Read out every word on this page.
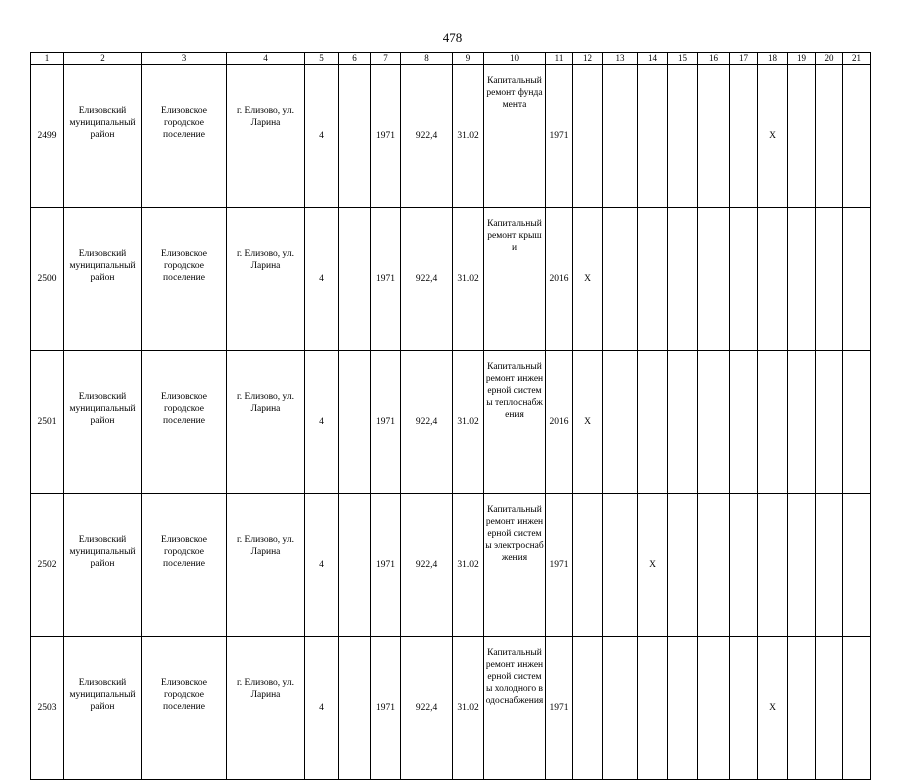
478
1	2	3	4	5	6	7	8	9	10	11	12	13	14	15	16	17	18	19	20	21
2499	Елизовский муниципальный район	Елизовское городское поселение	г. Елизово, ул. Ларина	4		1971	922,4	31.02	Капитальный ремонт фундамента	1971							X			
2500	Елизовский муниципальный район	Елизовское городское поселение	г. Елизово, ул. Ларина	4		1971	922,4	31.02	Капитальный ремонт крыши	2016	X									
2501	Елизовский муниципальный район	Елизовское городское поселение	г. Елизово, ул. Ларина	4		1971	922,4	31.02	Капитальный ремонт инженерной системы теплоснабжения	2016	X									
2502	Елизовский муниципальный район	Елизовское городское поселение	г. Елизово, ул. Ларина	4		1971	922,4	31.02	Капитальный ремонт инженерной системы электроснабжения	1971			X							
2503	Елизовский муниципальный район	Елизовское городское поселение	г. Елизово, ул. Ларина	4		1971	922,4	31.02	Капитальный ремонт инженерной системы холодного водоснабжения	1971							X			
